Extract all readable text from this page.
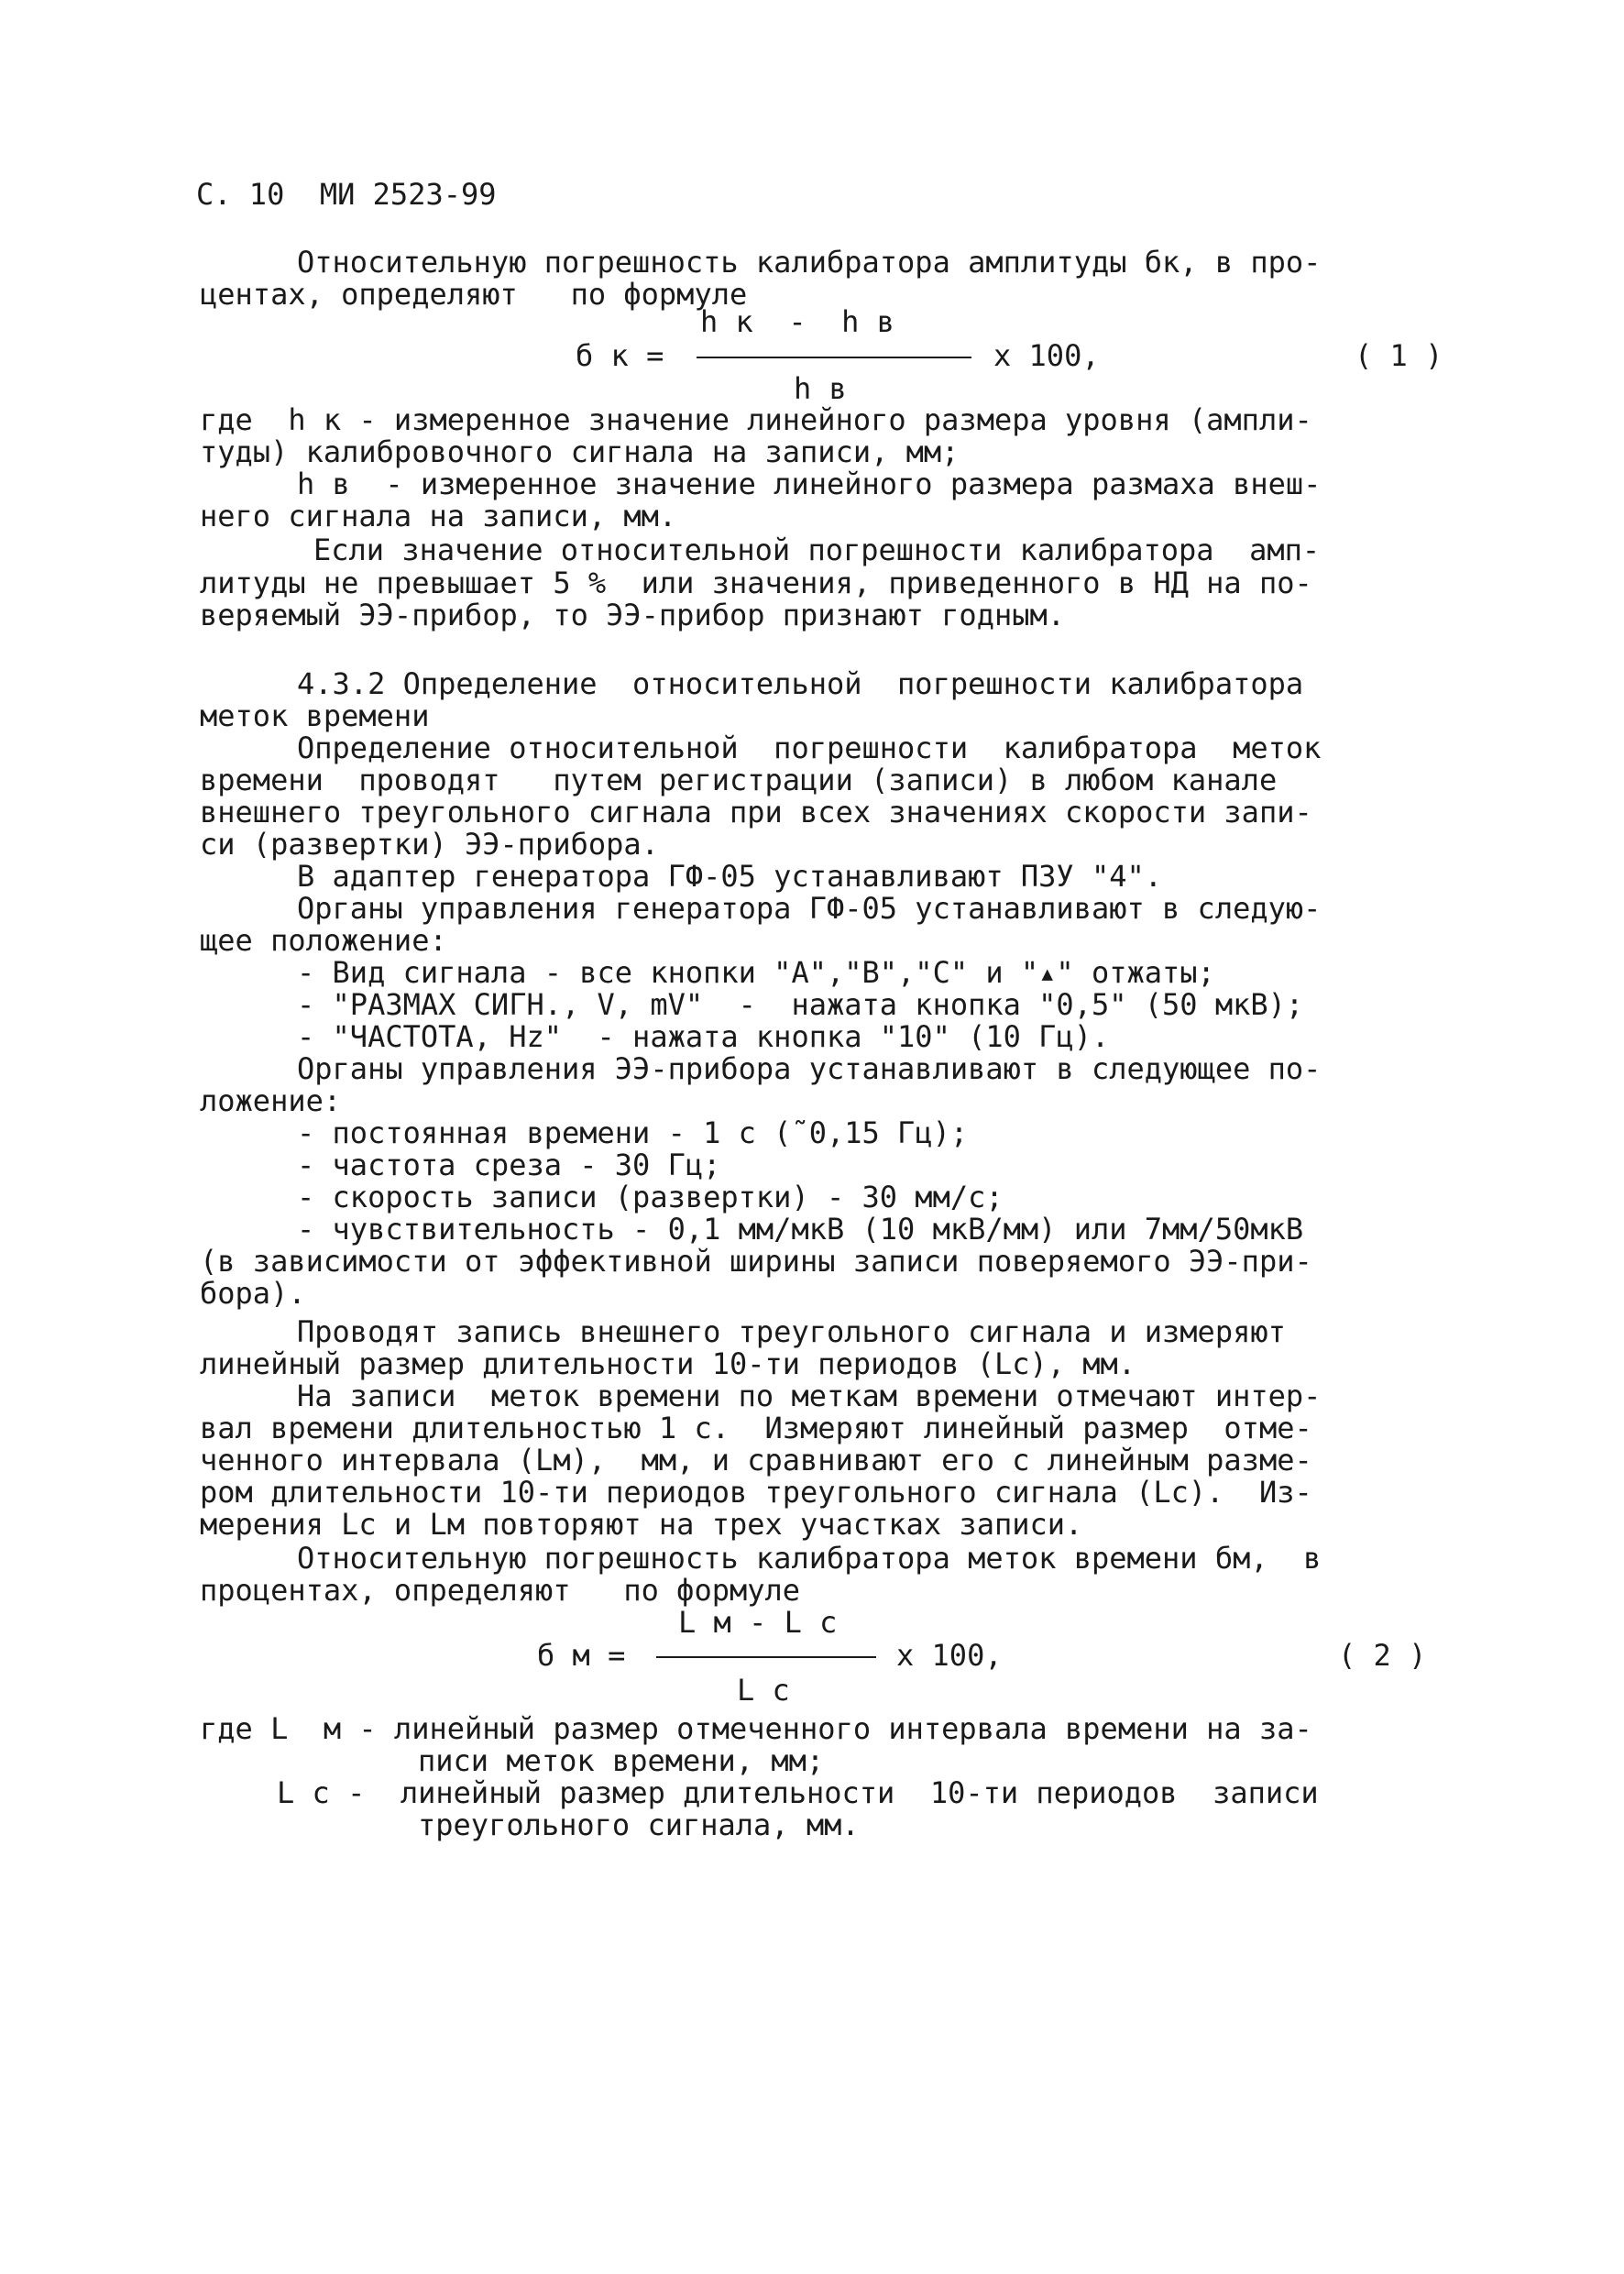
С. 10  МИ 2523-99
Относительную погрешность калибратора амплитуды бк, в про-
центах, определяют   по формуле
h к  -  h в
б к =	х 100,	( 1 )
h в
где  h к - измеренное значение линейного размера уровня (ампли-
туды) калибровочного сигнала на записи, мм;
h в  - измеренное значение линейного размера размаха внеш-
него сигнала на записи, мм.
Если значение относительной погрешности калибратора  амп-
литуды не превышает 5 %  или значения, приведенного в НД на по-
веряемый ЭЭ-прибор, то ЭЭ-прибор признают годным.
4.3.2 Определение  относительной  погрешности калибратора
меток времени
Определение относительной  погрешности  калибратора  меток
времени  проводят   путем регистрации (записи) в любом канале
внешнего треугольного сигнала при всех значениях скорости запи-
си (развертки) ЭЭ-прибора.
В адаптер генератора ГФ-05 устанавливают ПЗУ "4".
Органы управления генератора ГФ-05 устанавливают в следую-
щее положение:
- Вид сигнала - все кнопки "А","В","С" и "▴" отжаты;
- "РАЗМАХ СИГН., V, mV"  -  нажата кнопка "0,5" (50 мкВ);
- "ЧАСТОТА, Hz"  - нажата кнопка "10" (10 Гц).
Органы управления ЭЭ-прибора устанавливают в следующее по-
ложение:
- постоянная времени - 1 с (˜0,15 Гц);
- частота среза - 30 Гц;
- скорость записи (развертки) - 30 мм/с;
- чувствительность - 0,1 мм/мкВ (10 мкВ/мм) или 7мм/50мкВ
(в зависимости от эффективной ширины записи поверяемого ЭЭ-при-
бора).
Проводят запись внешнего треугольного сигнала и измеряют
линейный размер длительности 10-ти периодов (Lс), мм.
На записи  меток времени по меткам времени отмечают интер-
вал времени длительностью 1 с.  Измеряют линейный размер  отме-
ченного интервала (Lм),  мм, и сравнивают его с линейным разме-
ром длительности 10-ти периодов треугольного сигнала (Lс).  Из-
мерения Lс и Lм повторяют на трех участках записи.
Относительную погрешность калибратора меток времени бм,  в
процентах, определяют   по формуле
L м - L с
б м =	х 100,	( 2 )
L с
где L  м - линейный размер отмеченного интервала времени на за-
писи меток времени, мм;
L с -  линейный размер длительности  10-ти периодов  записи
треугольного сигнала, мм.
